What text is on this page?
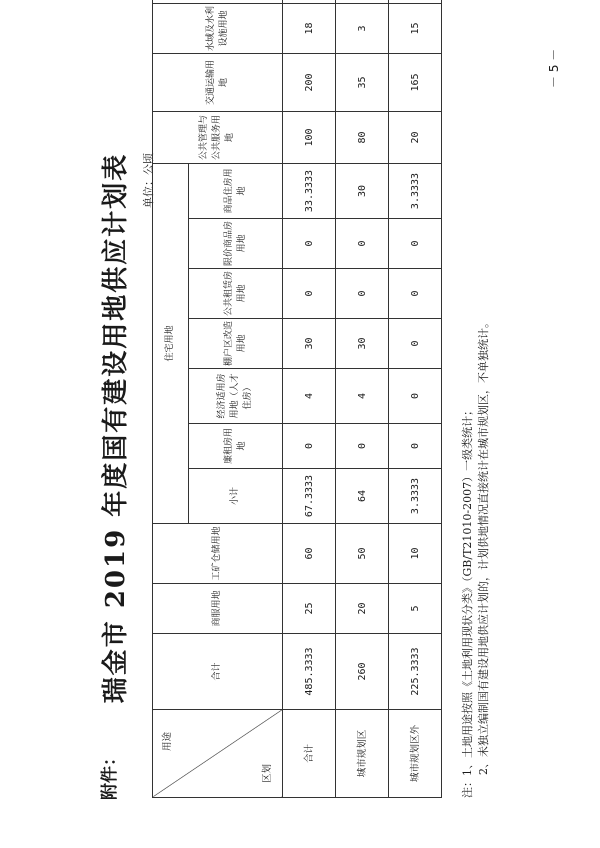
附件：
瑞金市 2019 年度国有建设用地供应计划表 单位：公顷
用途
区划	合计	商服用地	工矿仓储用地	住宅用地							公共管理与公共服务用地	交通运输用地	水域及水利设施用地	
				小计	廉租房用地	经济适用房用地（人才住房）	棚户区改造用地	公共租赁房用地	限价商品房用地	商品住房用地				
合计	485.3333	25	60	67.3333	0	4	30	0	0	33.3333	100	200	18	
城市规划区	260	20	50	64	0	4	30	0	0	30	80	35	3	
城市规划区外	225.3333	5	10	3.3333	0	0	0	0	0	3.3333	20	165	15	
注：1、土地用途按照《土地利用现状分类》（GB/T21010-2007）一级类统计； 2、未独立编制国有建设用地供应计划的，计划供地情况直接统计在城市规划区，不单独统计。
－ 5 －
